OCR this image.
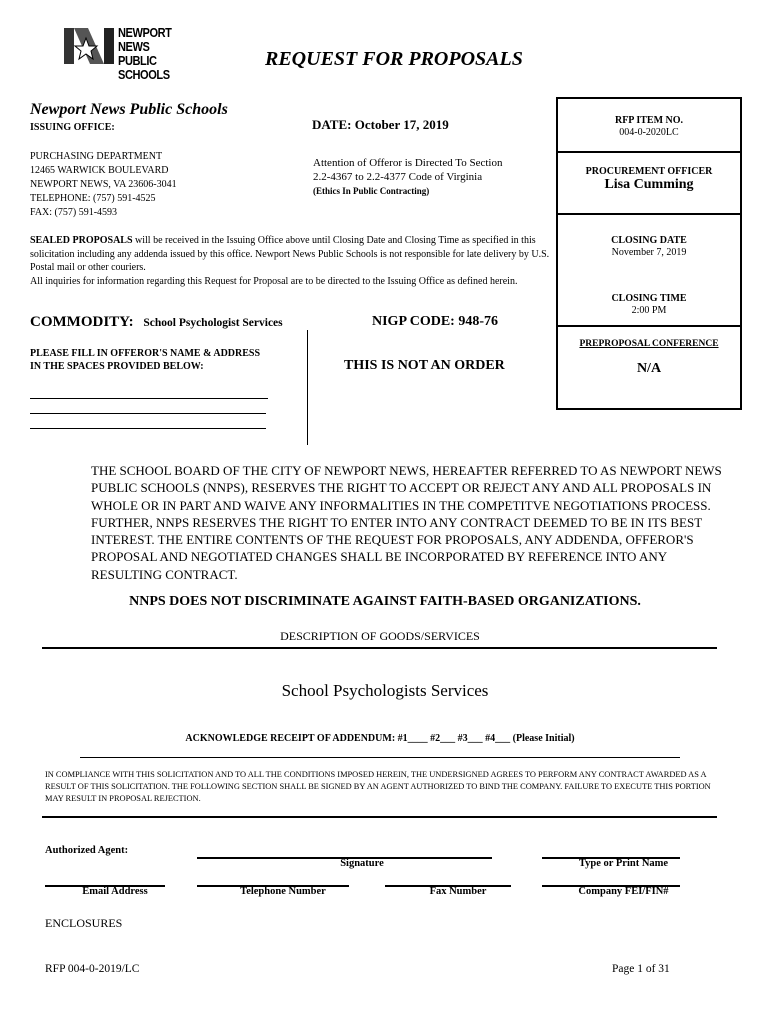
NEWPORT NEWS
PUBLIC SCHOOLS
REQUEST FOR PROPOSALS
Newport News Public Schools
ISSUING OFFICE:	DATE: October 17, 2019
PURCHASING DEPARTMENT
12465 WARWICK BOULEVARD
NEWPORT NEWS, VA 23606-3041
TELEPHONE: (757) 591-4525
FAX: (757) 591-4593
Attention of Offeror is Directed To Section
2.2-4367 to 2.2-4377 Code of Virginia
(Ethics In Public Contracting)
SEALED PROPOSALS will be received in the Issuing Office above until Closing Date and Closing Time as specified in this solicitation including any addenda issued by this office. Newport News Public Schools is not responsible for late delivery by U.S. Postal mail or other couriers.
All inquiries for information regarding this Request for Proposal are to be directed to the Issuing Office as defined herein.
COMMODITY: School Psychologist Services	NIGP CODE: 948-76
PLEASE FILL IN OFFEROR'S NAME & ADDRESS
IN THE SPACES PROVIDED BELOW:	THIS IS NOT AN ORDER
RFP ITEM NO.
004-0-2020LC
PROCUREMENT OFFICER
Lisa Cumming
CLOSING DATE
November 7, 2019
CLOSING TIME
2:00 PM
PREPROPOSAL CONFERENCE
N/A
THE SCHOOL BOARD OF THE CITY OF NEWPORT NEWS, HEREAFTER REFERRED TO AS NEWPORT NEWS PUBLIC SCHOOLS (NNPS), RESERVES THE RIGHT TO ACCEPT OR REJECT ANY AND ALL PROPOSALS IN WHOLE OR IN PART AND WAIVE ANY INFORMALITIES IN THE COMPETITVE NEGOTIATIONS PROCESS. FURTHER, NNPS RESERVES THE RIGHT TO ENTER INTO ANY CONTRACT DEEMED TO BE IN ITS BEST INTEREST. THE ENTIRE CONTENTS OF THE REQUEST FOR PROPOSALS, ANY ADDENDA, OFFEROR'S PROPOSAL AND NEGOTIATED CHANGES SHALL BE INCORPORATED BY REFERENCE INTO ANY RESULTING CONTRACT.
NNPS DOES NOT DISCRIMINATE AGAINST FAITH-BASED ORGANIZATIONS.
DESCRIPTION OF GOODS/SERVICES
School Psychologists Services
ACKNOWLEDGE RECEIPT OF ADDENDUM: #1____ #2___ #3___ #4___ (Please Initial)
IN COMPLIANCE WITH THIS SOLICITATION AND TO ALL THE CONDITIONS IMPOSED HEREIN, THE UNDERSIGNED AGREES TO PERFORM ANY CONTRACT AWARDED AS A RESULT OF THIS SOLICITATION. THE FOLLOWING SECTION SHALL BE SIGNED BY AN AGENT AUTHORIZED TO BIND THE COMPANY. FAILURE TO EXECUTE THIS PORTION MAY RESULT IN PROPOSAL REJECTION.
Authorized Agent:
Signature	Type or Print Name
Email Address	Telephone Number	Fax Number	Company FEI/FIN#
ENCLOSURES
RFP 004-0-2019/LC	Page 1 of 31
